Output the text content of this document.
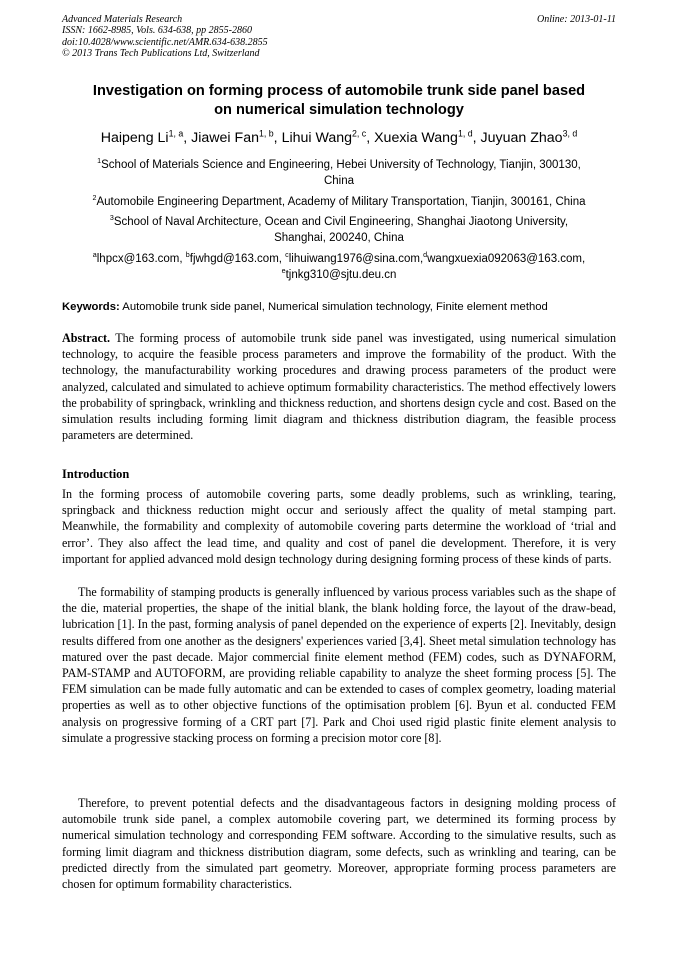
Advanced Materials Research
ISSN: 1662-8985, Vols. 634-638, pp 2855-2860
doi:10.4028/www.scientific.net/AMR.634-638.2855
© 2013 Trans Tech Publications Ltd, Switzerland
Online: 2013-01-11
Investigation on forming process of automobile trunk side panel based
on numerical simulation technology
Haipeng Li$^{1, a}$, Jiawei Fan$^{1, b}$, Lihui Wang$^{2, c}$, Xuexia Wang$^{1, d}$, Juyuan Zhao$^{3, d}$
$^1$School of Materials Science and Engineering, Hebei University of Technology, Tianjin, 300130,
China
$^2$Automobile Engineering Department, Academy of Military Transportation, Tianjin, 300161, China
$^3$School of Naval Architecture, Ocean and Civil Engineering, Shanghai Jiaotong University,
Shanghai, 200240, China
$^a$lhpcx@163.com, $^b$fjwhgd@163.com, $^c$lihuiwang1976@sina.com,$^d$wangxuexia092063@163.com,
$^e$tjnkg310@sjtu.deu.cn
Keywords: Automobile trunk side panel, Numerical simulation technology, Finite element method

Abstract. The forming process of automobile trunk side panel was investigated, using numerical simulation technology, to acquire the feasible process parameters and improve the formability of the product. With the technology, the manufacturability working procedures and drawing process parameters of the product were analyzed, calculated and simulated to achieve optimum formability characteristics. The method effectively lowers the probability of springback, wrinkling and thickness reduction, and shortens design cycle and cost. Based on the simulation results including forming limit diagram and thickness distribution diagram, the feasible process parameters are determined.

Introduction

In the forming process of automobile covering parts, some deadly problems, such as wrinkling, tearing, springback and thickness reduction might occur and seriously affect the quality of metal stamping part. Meanwhile, the formability and complexity of automobile covering parts determine the workload of ‘trial and error’. They also affect the lead time, and quality and cost of panel die development. Therefore, it is very important for applied advanced mold design technology during designing forming process of these kinds of parts.

The formability of stamping products is generally influenced by various process variables such as the shape of the die, material properties, the shape of the initial blank, the blank holding force, the layout of the draw-bead, lubrication [1]. In the past, forming analysis of panel depended on the experience of experts [2]. Inevitably, design results differed from one another as the designers' experiences varied [3,4]. Sheet metal simulation technology has matured over the past decade. Major commercial finite element method (FEM) codes, such as DYNAFORM, PAM-STAMP and AUTOFORM, are providing reliable capability to analyze the sheet forming process [5]. The FEM simulation can be made fully automatic and can be extended to cases of complex geometry, loading material properties as well as to other objective functions of the optimisation problem [6]. Byun et al. conducted FEM analysis on progressive forming of a CRT part [7]. Park and Choi used rigid plastic finite element analysis to simulate a progressive stacking process on forming a precision motor core [8].

Therefore, to prevent potential defects and the disadvantageous factors in designing molding process of automobile trunk side panel, a complex automobile covering part, we determined its forming process by numerical simulation technology and corresponding FEM software. According to the simulative results, such as forming limit diagram and thickness distribution diagram, some defects, such as wrinkling and tearing, can be predicted directly from the simulated part geometry. Moreover, appropriate forming process parameters are chosen for optimum formability characteristics.
